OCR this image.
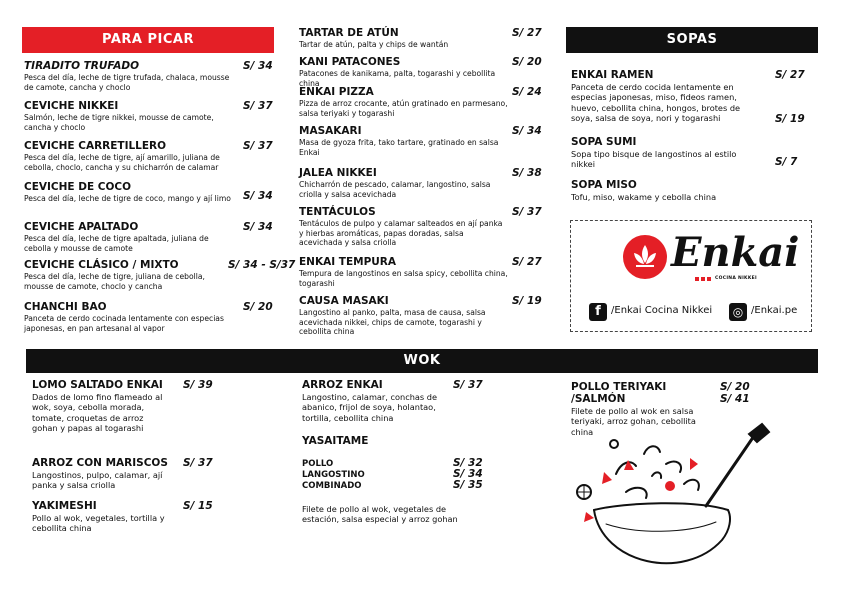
PARA PICAR	SOPAS
WOK
TIRADITO TRUFADO
Pesca del día, leche de tigre trufada, chalaca, mousse de camote, cancha y choclo
S/ 34
CEVICHE NIKKEI
Salmón, leche de tigre nikkei, mousse de camote, cancha y choclo
S/ 37
CEVICHE CARRETILLERO
Pesca del día, leche de tigre, ají amarillo, juliana de cebolla, choclo, cancha y su chicharrón de calamar
S/ 37
CEVICHE DE COCO
Pesca del día, leche de tigre de coco, mango y ají limo S/ 34
CEVICHE APALTADO
Pesca del día, leche de tigre apaltada, juliana de cebolla y mousse de camote
S/ 34
CEVICHE CLÁSICO / MIXTO
Pesca del día, leche de tigre, juliana de cebolla, mousse de camote, choclo y cancha
S/ 34 - S/37
CHANCHI BAO
Panceta de cerdo cocinada lentamente con especias japonesas, en pan artesanal al vapor
S/ 20
TARTAR DE ATÚN
Tartar de atún, palta y chips de wantán
S/ 27
KANI PATACONES
Patacones de kanikama, palta, togarashi y cebollita china
S/ 20
ENKAI PIZZA
Pizza de arroz crocante, atún gratinado en parmesano, salsa teriyaki y togarashi
S/ 24
MASAKARI
Masa de gyoza frita, tako tartare, gratinado en salsa Enkai
S/ 34
JALEA NIKKEI
Chicharrón de pescado, calamar, langostino, salsa criolla y salsa acevichada
S/ 38
TENTÁCULOS
Tentáculos de pulpo y calamar salteados en ají panka y hierbas aromáticas, papas doradas, salsa acevichada y salsa criolla
S/ 37
ENKAI TEMPURA
Tempura de langostinos en salsa spicy, cebollita china, togarashi
S/ 27
CAUSA MASAKI
Langostino al panko, palta, masa de causa, salsa acevichada nikkei, chips de camote, togarashi y cebollita china
S/ 19
ENKAI RAMEN
Panceta de cerdo cocida lentamente en especias japonesas, miso, fideos ramen, huevo, cebollita china, hongos, brotes de soya, salsa de soya, nori y togarashi
S/ 27
SOPA SUMI
Sopa tipo bisque de langostinos al estilo nikkei
S/ 19
SOPA MISO
Tofu, miso, wakame y cebolla china
S/ 7
Enkai
COCINA NIKKEI
f	/Enkai Cocina Nikkei	◎ /Enkai.pe
LOMO SALTADO ENKAI
Dados de lomo fino flameado al wok, soya, cebolla morada, tomate, croquetas de arroz gohan y papas al togarashi
S/ 39
ARROZ CON MARISCOS
Langostinos, pulpo, calamar, ají panka y salsa criolla
S/ 37
YAKIMESHI
Pollo al wok, vegetales, tortilla y cebollita china
S/ 15
ARROZ ENKAI
Langostino, calamar, conchas de abanico, frijol de soya, holantao, tortilla, cebollita china
S/ 37
YASAITAME
POLLO	S/ 32
LANGOSTINO	S/ 34
COMBINADO	S/ 35
Filete de pollo al wok, vegetales de estación, salsa especial y arroz gohan
POLLO TERIYAKI
/SALMÓN
Filete de pollo al wok en salsa teriyaki, arroz gohan, cebollita china
S/ 20
S/ 41
